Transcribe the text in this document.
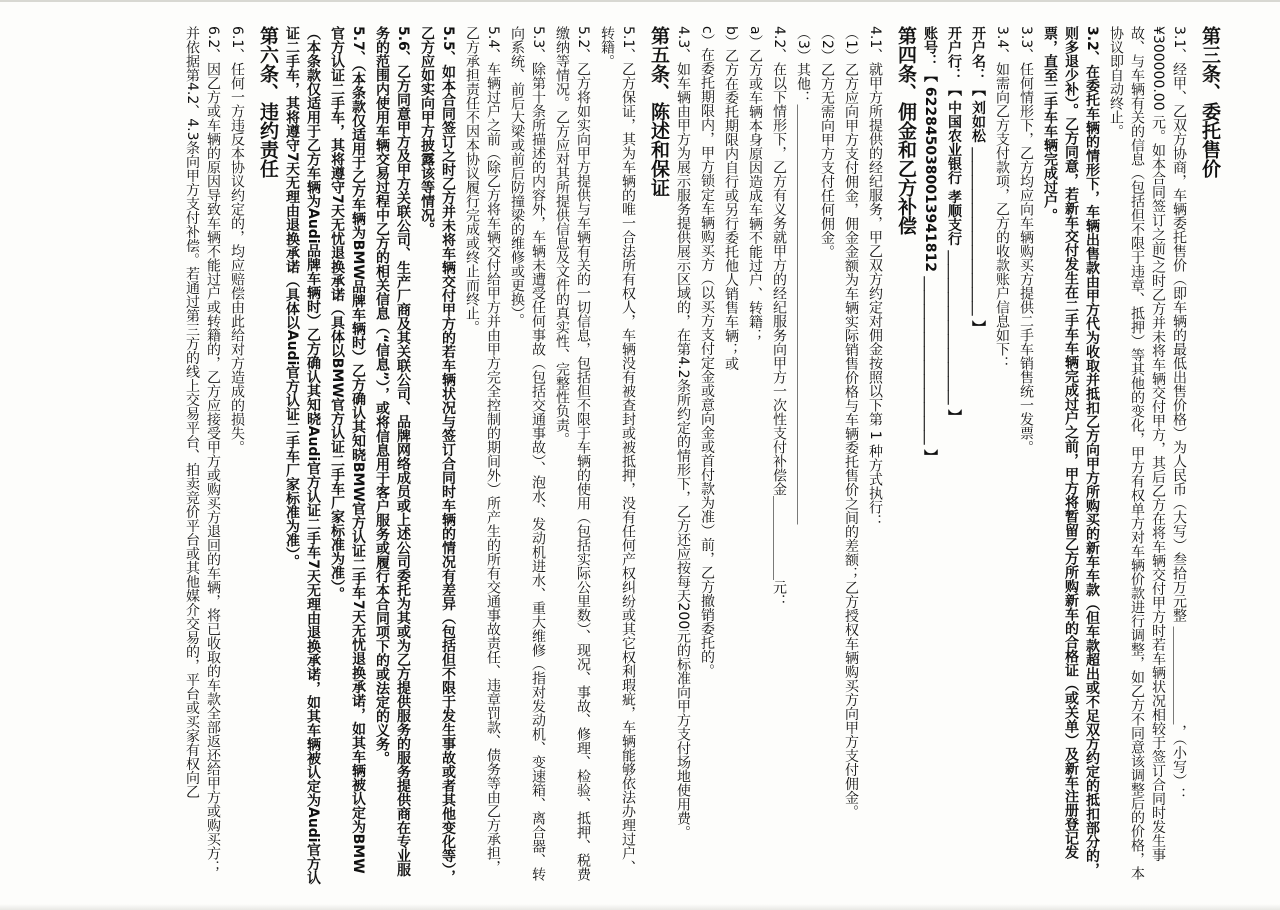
第三条、委托售价
3.1、经甲、乙双方协商，车辆委托售价（即车辆的最低出售价格）为人民币（大写）叁拾万元整 ＿＿＿＿＿＿＿，（小写）：¥300000.00 元。如本合同签订之前/之时乙方并未将车辆交付甲方，其后乙方在将车辆交付甲方时若车辆状况相较于签订合同时发生事故、与车辆有关的信息（包括但不限于违章、抵押）等其他的变化，甲方有权单方对车辆价款进行调整，如乙方不同意该调整后的价格，本协议即自动终止。
3.2、在委托车辆的情形下，车辆出售款由甲方代为收取并抵扣乙方向甲方所购买的新车车款（但车款超出或不足双方约定的抵扣部分的，则多退少补）。乙方同意，若新车交付发生在二手车车辆完成过户之前，甲方将暂留乙方所购新车的合格证（或关单）及新车注册登记发票，直至二手车车辆完成过户。
3.3、任何情形下，乙方均应向车辆购买方提供二手车销售统一发票。
3.4、如需向乙方支付款项，乙方的收款账户信息如下：
开户名：【 刘如松 ＿＿＿＿＿＿＿＿＿＿＿＿ 】
开户行：【 中国农业银行 孝顺支行 ＿＿＿＿＿＿＿＿＿＿＿ 】
账号：【 6228450380013941812 ＿＿＿＿＿＿＿＿＿＿＿＿ 】
第四条、佣金和乙方补偿
4.1、就甲方所提供的经纪服务，甲乙双方约定对佣金按照以下第 1 种方式执行：
（1）乙方应向甲方支付佣金，佣金金额为车辆实际销售价格与车辆委托售价之间的差额；乙方授权车辆购买方向甲方支付佣金。
（2）乙方无需向甲方支付任何佣金。
（3）其他：＿＿＿＿＿＿＿＿＿＿＿＿＿＿＿＿＿＿＿＿＿＿＿＿＿＿＿＿＿＿
4.2、在以下情形下，乙方有义务就甲方的经纪服务向甲方一次性支付补偿金＿＿＿＿＿＿元：
a）乙方或车辆本身原因造成车辆不能过户、转籍；
b）乙方在委托期限内自行或另行委托他人销售车辆；或
c）在委托期限内，甲方锁定车辆购买方（以买方支付定金或意向金或首付款为准）前，乙方撤销委托的。
4.3、如车辆由甲方为展示服务提供展示区域的，在第4.2条所约定的情形下，乙方还应按每天200元的标准向甲方支付场地使用费。
第五条、陈述和保证
5.1、乙方保证，其为车辆的唯一合法所有权人，车辆没有被查封或被抵押，没有任何产权纠纷或其它权利瑕疵，车辆能够依法办理过户、转籍。
5.2、乙方将如实向甲方提供与车辆有关的一切信息，包括但不限于车辆的使用（包括实际公里数）、现况、事故、修理、检验、抵押、税费缴纳等情况。乙方应对其所提供信息及文件的真实性、完整性负责。
5.3、除第十条所描述的内容外，车辆未遭受任何事故（包括交通事故）、泡水、发动机进水、重大维修（指对发动机、变速箱、离合器、转向系统、前后大梁或前后防撞梁的维修或更换）。
5.4、车辆过户之前（除乙方将车辆交付给甲方并由甲方完全控制的期间外）所产生的所有交通事故责任、违章罚款、债务等由乙方承担，乙方承担责任不因本协议履行完成或终止而终止。
5.5、如本合同签订之时乙方并未将车辆交付甲方的若车辆状况与签订合同时车辆的情况有差异（包括但不限于发生事故或者其他变化等），乙方应如实向甲方披露该等情况。
5.6、乙方同意甲方及甲方关联公司、生产厂商及其关联公司、品牌网络成员或上述公司委托为其或为乙方提供服务的服务提供商在专业服务的范围内使用车辆交易过程中乙方的相关信息（“信息”），或将信息用于客户服务或履行本合同项下的或法定的义务。
5.7、（本条款仅适用于乙方车辆为BMW品牌车辆时）乙方确认其知晓BMW官方认证二手车7天无忧退换承诺，如其车辆被认定为BMW官方认证二手车，其将遵守7天无忧退换承诺（具体以BMW官方认证二手车厂家标准为准）。
（本条款仅适用于乙方车辆为Audi品牌车辆时）乙方确认其知晓Audi官方认证二手车7天无理由退换承诺，如其车辆被认定为Audi官方认证二手车，其将遵守7天无理由退换承诺（具体以Audi官方认证二手车厂家标准为准）。
第六条、违约责任
6.1、任何一方违反本协议约定的，均应赔偿由此给对方造成的损失。
6.2、因乙方或车辆的原因导致车辆不能过户或转籍的，乙方应接受甲方或购买方退回的车辆，将已收取的车款全部返还给甲方或购买方；并依据第4.2、4.3条向甲方支付补偿。若通过第三方的线上交易平台、拍卖竞价平台或其他媒介交易的，平台或买家有权向乙
